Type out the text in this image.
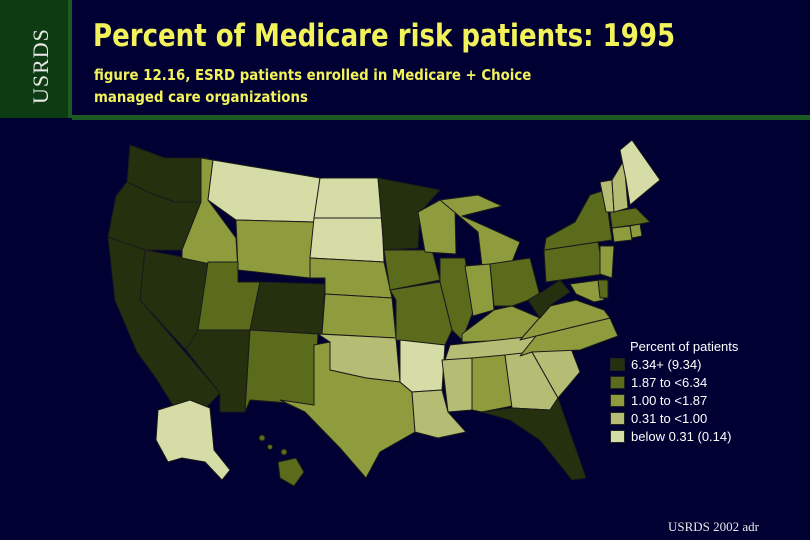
USRDS Percent of Medicare risk patients: 1995
figure 12.16, ESRD patients enrolled in Medicare + Choice
managed care organizations
Percent of patients
6.34+ (9.34)
1.87 to <6.34
1.00 to <1.87
0.31 to <1.00
below 0.31 (0.14)
USRDS 2002 adr
